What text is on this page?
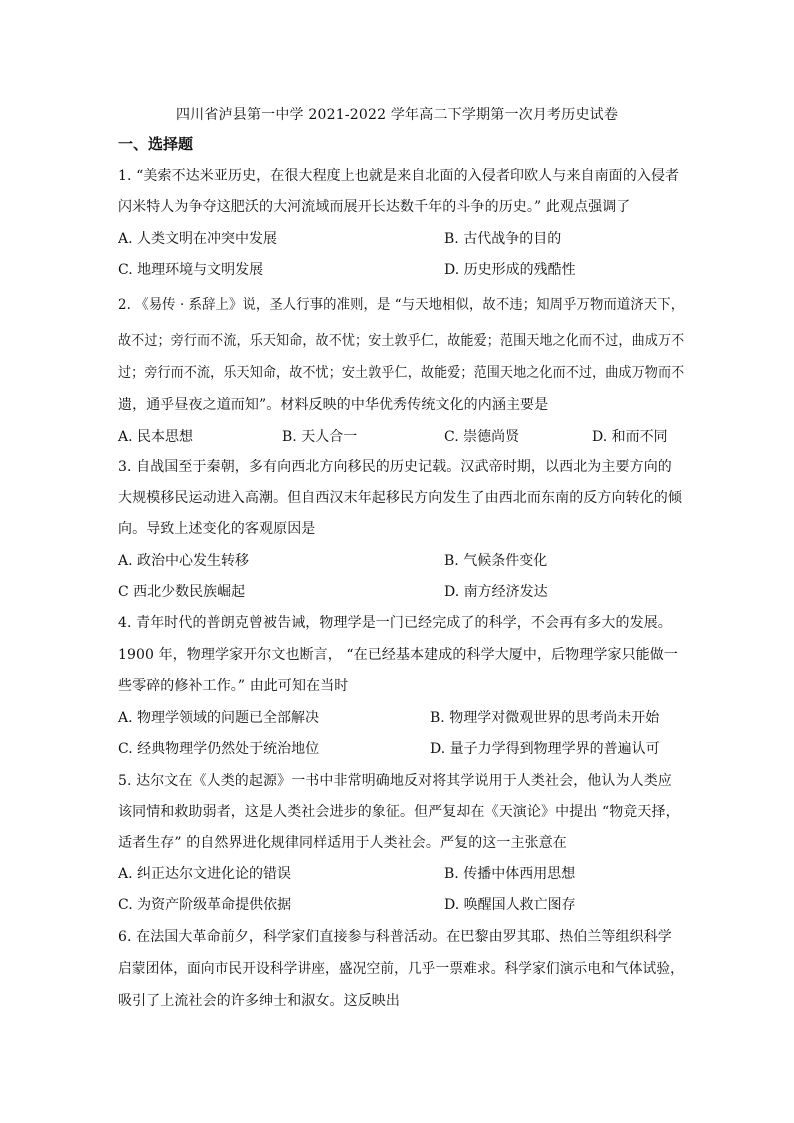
四川省泸县第一中学 2021-2022 学年高二下学期第一次月考历史试卷
一、选择题
1. “美索不达米亚历史，在很大程度上也就是来自北面的入侵者印欧人与来自南面的入侵者
闪米特人为争夺这肥沃的大河流域而展开长达数千年的斗争的历史。” 此观点强调了
A. 人类文明在冲突中发展	B. 古代战争的目的
C. 地理环境与文明发展	D. 历史形成的残酷性
2. 《易传 · 系辞上》说，圣人行事的准则，是 “与天地相似，故不违；知周乎万物而道济天下，
故不过；旁行而不流，乐天知命，故不忧；安土敦乎仁，故能爱；范围天地之化而不过，曲成万不
过；旁行而不流，乐天知命，故不忧；安土敦乎仁，故能爱；范围天地之化而不过，曲成万物而不
遗，通乎昼夜之道而知”。材料反映的中华优秀传统文化的内涵主要是
A. 民本思想	B. 天人合一	C. 崇德尚贤	D. 和而不同
3. 自战国至于秦朝，多有向西北方向移民的历史记载。汉武帝时期，以西北为主要方向的
大规模移民运动进入高潮。但自西汉末年起移民方向发生了由西北而东南的反方向转化的倾
向。导致上述变化的客观原因是
A. 政治中心发生转移	B. 气候条件变化
C 西北少数民族崛起	D. 南方经济发达
4. 青年时代的普朗克曾被告诫，物理学是一门已经完成了的科学，不会再有多大的发展。
1900 年，物理学家开尔文也断言， “在已经基本建成的科学大厦中，后物理学家只能做一
些零碎的修补工作。” 由此可知在当时
A. 物理学领域的问题已全部解决	B. 物理学对微观世界的思考尚未开始
C. 经典物理学仍然处于统治地位	D. 量子力学得到物理学界的普遍认可
5. 达尔文在《人类的起源》一书中非常明确地反对将其学说用于人类社会，他认为人类应
该同情和救助弱者，这是人类社会进步的象征。但严复却在《天演论》中提出 “物竞天择，
适者生存” 的自然界进化规律同样适用于人类社会。严复的这一主张意在
A. 纠正达尔文进化论的错误	B. 传播中体西用思想
C. 为资产阶级革命提供依据	D. 唤醒国人救亡图存
6. 在法国大革命前夕，科学家们直接参与科普活动。在巴黎由罗其耶、热伯兰等组织科学
启蒙团体，面向市民开设科学讲座，盛况空前，几乎一票难求。科学家们演示电和气体试验，
吸引了上流社会的许多绅士和淑女。这反映出
